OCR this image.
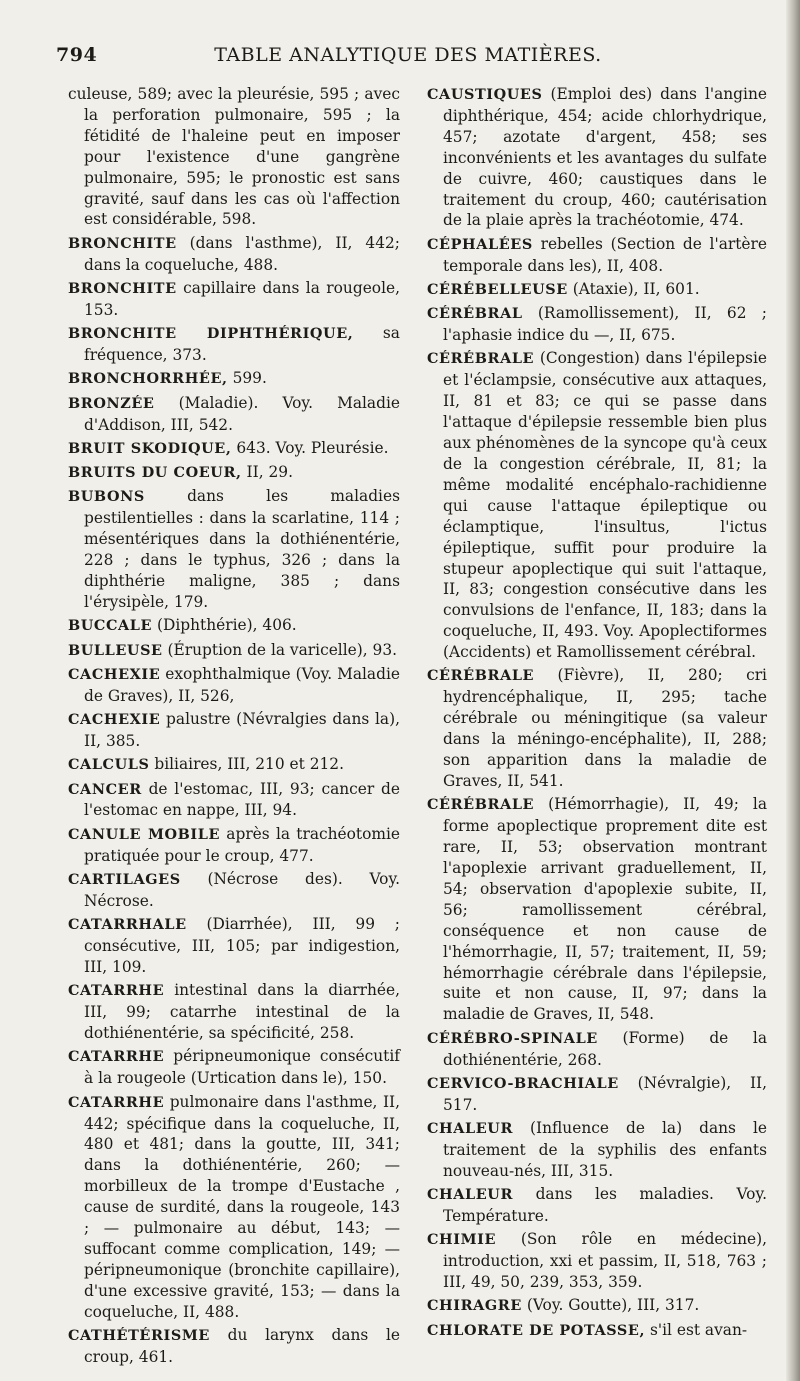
794	TABLE ANALYTIQUE DES MATIÈRES.

culeuse, 589; avec la pleurésie, 595 ; avec la perforation pulmonaire, 595 ; la fétidité de l'haleine peut en imposer pour l'existence d'une gangrène pulmonaire, 595; le pronostic est sans gravité, sauf dans les cas où l'affection est considérable, 598.

BRONCHITE (dans l'asthme), II, 442; dans la coqueluche, 488.

BRONCHITE capillaire dans la rougeole, 153.

BRONCHITE DIPHTHÉRIQUE, sa fréquence, 373.

BRONCHORRHÉE, 599.

BRONZÉE (Maladie). Voy. Maladie d'Addison, III, 542.

BRUIT SKODIQUE, 643. Voy. Pleurésie.

BRUITS DU COEUR, II, 29.

BUBONS	dans les maladies pestilentielles : dans la scarlatine, 114 ; mésentériques dans la dothiénentérie, 228 ; dans le typhus, 326 ; dans la diphthérie maligne, 385 ; dans l'érysipèle, 179.

BUCCALE (Diphthérie), 406.

BULLEUSE (Éruption de la varicelle), 93.

CACHEXIE exophthalmique (Voy. Maladie de Graves), II, 526,

CACHEXIE palustre (Névralgies dans la), II, 385.

CALCULS biliaires, III, 210 et 212.

CANCER de l'estomac, III, 93; cancer de l'estomac en nappe, III, 94.

CANULE MOBILE après la trachéotomie pratiquée pour le croup, 477.

CARTILAGES (Nécrose des). Voy. Nécrose.

CATARRHALE (Diarrhée), III, 99 ; consécutive, III, 105; par indigestion, III, 109.

CATARRHE intestinal dans la diarrhée, III, 99; catarrhe intestinal de la dothiénentérie, sa spécificité, 258.

CATARRHE péripneumonique consécutif à la rougeole (Urtication dans le), 150.

CATARRHE pulmonaire dans l'asthme, II, 442; spécifique dans la coqueluche, II, 480 et 481; dans la goutte, III, 341; dans la dothiénentérie, 260; — morbilleux de la trompe d'Eustache , cause de surdité, dans la rougeole, 143 ; — pulmonaire au début, 143; — suffocant comme complication, 149; — péripneumonique (bronchite capillaire), d'une excessive gravité, 153; — dans la coqueluche, II, 488.

CATHÉTÉRISME du larynx dans le croup, 461.

CAUSTIQUES (Emploi des) dans l'angine diphthérique, 454; acide chlorhydrique, 457; azotate d'argent, 458; ses inconvénients et les avantages du sulfate de cuivre, 460; caustiques dans le traitement du croup, 460; cautérisation de la plaie après la trachéotomie, 474.

CÉPHALÉES rebelles (Section de l'artère temporale dans les), II, 408.

CÉRÉBELLEUSE (Ataxie), II, 601.

CÉRÉBRAL (Ramollissement), II, 62 ; l'aphasie indice du —, II, 675.

CÉRÉBRALE (Congestion) dans l'épilepsie et l'éclampsie, consécutive aux attaques, II, 81 et 83; ce qui se passe dans l'attaque d'épilepsie ressemble bien plus aux phénomènes de la syncope qu'à ceux de la congestion cérébrale, II, 81; la même modalité encéphalo-rachidienne qui cause l'attaque épileptique ou éclamptique, l'insultus, l'ictus épileptique, suffit pour produire la stupeur apoplectique qui suit l'attaque, II, 83; congestion consécutive dans les convulsions de l'enfance, II, 183; dans la coqueluche, II, 493. Voy. Apoplectiformes (Accidents) et Ramollissement cérébral.

CÉRÉBRALE (Fièvre), II, 280; cri hydrencéphalique, II, 295; tache cérébrale ou méningitique (sa valeur dans la méningo-encéphalite), II, 288; son apparition dans la maladie de Graves, II, 541.

CÉRÉBRALE (Hémorrhagie), II, 49; la forme apoplectique proprement dite est rare, II, 53; observation montrant l'apoplexie arrivant graduellement, II, 54; observation d'apoplexie subite, II, 56; ramollissement cérébral, conséquence et non cause de l'hémorrhagie, II, 57; traitement, II, 59; hémorrhagie cérébrale dans l'épilepsie, suite et non cause, II, 97; dans la maladie de Graves, II, 548.

CÉRÉBRO-SPINALE (Forme) de la dothiénentérie, 268.

CERVICO-BRACHIALE (Névralgie), II, 517.

CHALEUR (Influence de la) dans le traitement de la syphilis des enfants nouveau-nés, III, 315.

CHALEUR dans les maladies. Voy. Température.

CHIMIE (Son rôle en médecine), introduction, xxi et passim, II, 518, 763 ; III, 49, 50, 239, 353, 359.

CHIRAGRE (Voy. Goutte), III, 317.

CHLORATE DE POTASSE, s'il est avan-
